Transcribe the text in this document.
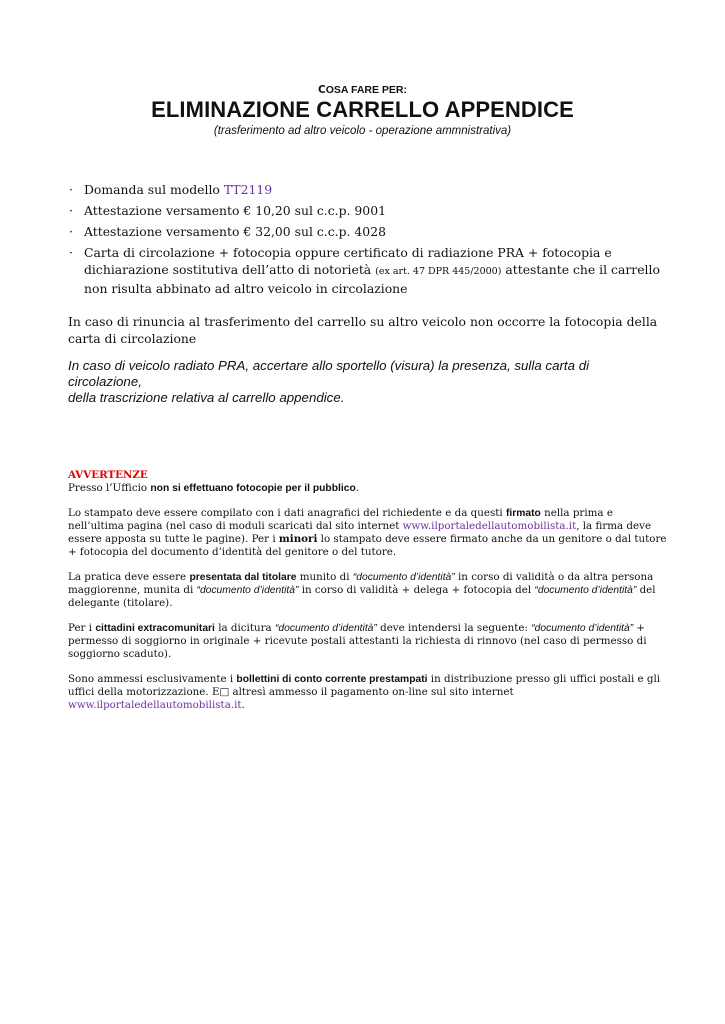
COSA FARE PER:
ELIMINAZIONE CARRELLO APPENDICE
(trasferimento ad altro veicolo - operazione ammnistrativa)
· Domanda sul modello TT2119
· Attestazione versamento € 10,20 sul c.c.p. 9001
· Attestazione versamento € 32,00 sul c.c.p. 4028
· Carta di circolazione + fotocopia oppure certificato di radiazione PRA + fotocopia e dichiarazione sostitutiva dell’atto di notorietà (ex art. 47 DPR 445/2000) attestante che il carrello non risulta abbinato ad altro veicolo in circolazione
In caso di rinuncia al trasferimento del carrello su altro veicolo non occorre la fotocopia della carta di circolazione
In caso di veicolo radiato PRA, accertare allo sportello (visura) la presenza, sulla carta di circolazione,
della trascrizione relativa al carrello appendice.
AVVERTENZE

Presso l’Ufficio non si effettuano fotocopie per il pubblico.

Lo stampato deve essere compilato con i dati anagrafici del richiedente e da questi firmato nella prima e nell’ultima pagina (nel caso di moduli scaricati dal sito internet www.ilportaledellautomobilista.it, la firma deve essere apposta su tutte le pagine). Per i minori lo stampato deve essere firmato anche da un genitore o dal tutore + fotocopia del documento d’identità del genitore o del tutore.

La pratica deve essere presentata dal titolare munito di “documento d’identità” in corso di validità o da altra persona maggiorenne, munita di “documento d’identità” in corso di validità + delega + fotocopia del “documento d’identità” del delegante (titolare).

Per i cittadini extracomunitari la dicitura “documento d’identità” deve intendersi la seguente: “documento d’identità” + permesso di soggiorno in originale + ricevute postali attestanti la richiesta di rinnovo (nel caso di permesso di soggiorno scaduto).

Sono ammessi esclusivamente i bollettini di conto corrente prestampati in distribuzione presso gli uffici postali e gli uffici della motorizzazione. E□ altresì ammesso il pagamento on-line sul sito internet www.ilportaledellautomobilista.it.
